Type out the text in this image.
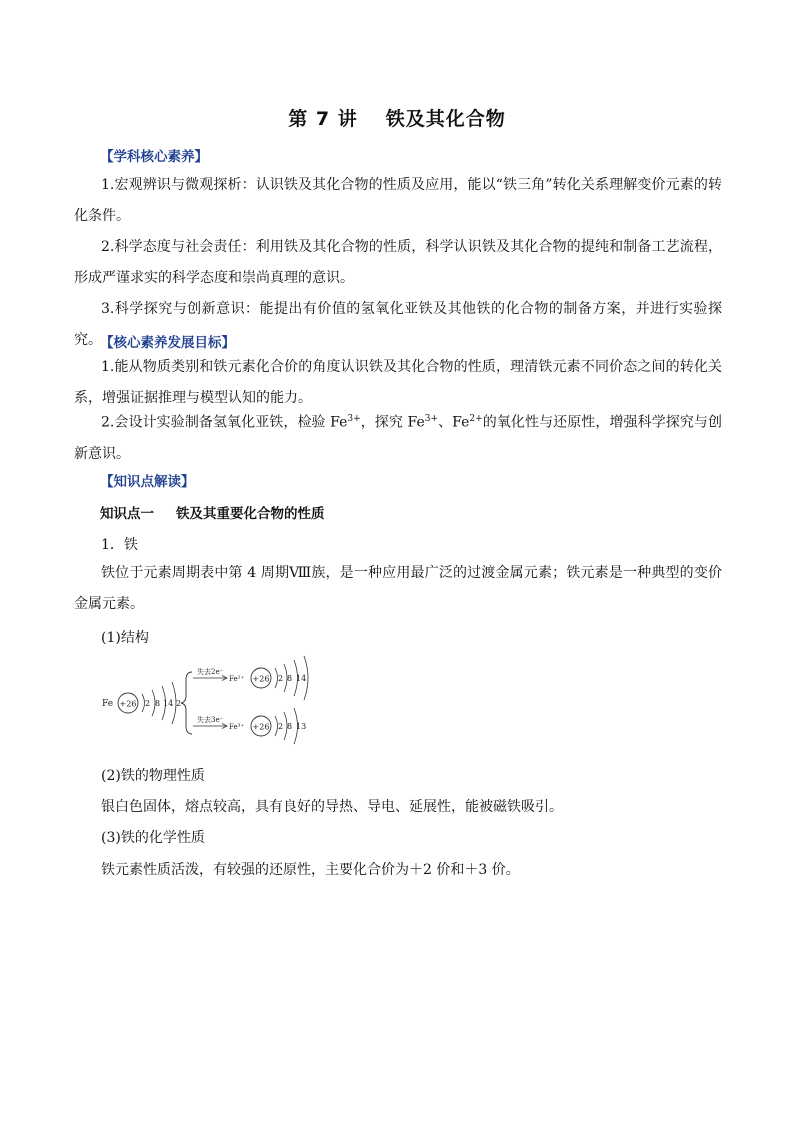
第 7 讲 铁及其化合物
【学科核心素养】
1.宏观辨识与微观探析：认识铁及其化合物的性质及应用，能以“铁三角”转化关系理解变价元素的转化条件。
2.科学态度与社会责任：利用铁及其化合物的性质，科学认识铁及其化合物的提纯和制备工艺流程，形成严谨求实的科学态度和崇尚真理的意识。
3.科学探究与创新意识：能提出有价值的氢氧化亚铁及其他铁的化合物的制备方案，并进行实验探究。
【核心素养发展目标】
1.能从物质类别和铁元素化合价的角度认识铁及其化合物的性质，理清铁元素不同价态之间的转化关系，增强证据推理与模型认知的能力。
2.会设计实验制备氢氧化亚铁，检验 $Fe^{3+}$，探究 $Fe^{3+}$、$Fe^{2+}$的氧化性与还原性，增强科学探究与创新意识。
【知识点解读】
知识点一 铁及其重要化合物的性质
1．铁
铁位于元素周期表中第 4 周期Ⅷ族，是一种应用最广泛的过渡金属元素；铁元素是一种典型的变价金属元素。
(1)结构
Fe +26 2 8 14 2
失去2e⁻
Fe²⁺ +26 2 8 14
失去3e⁻
Fe³⁺ +26 2 8 13
(2)铁的物理性质
银白色固体，熔点较高，具有良好的导热、导电、延展性，能被磁铁吸引。
(3)铁的化学性质
铁元素性质活泼，有较强的还原性，主要化合价为＋2 价和＋3 价。
